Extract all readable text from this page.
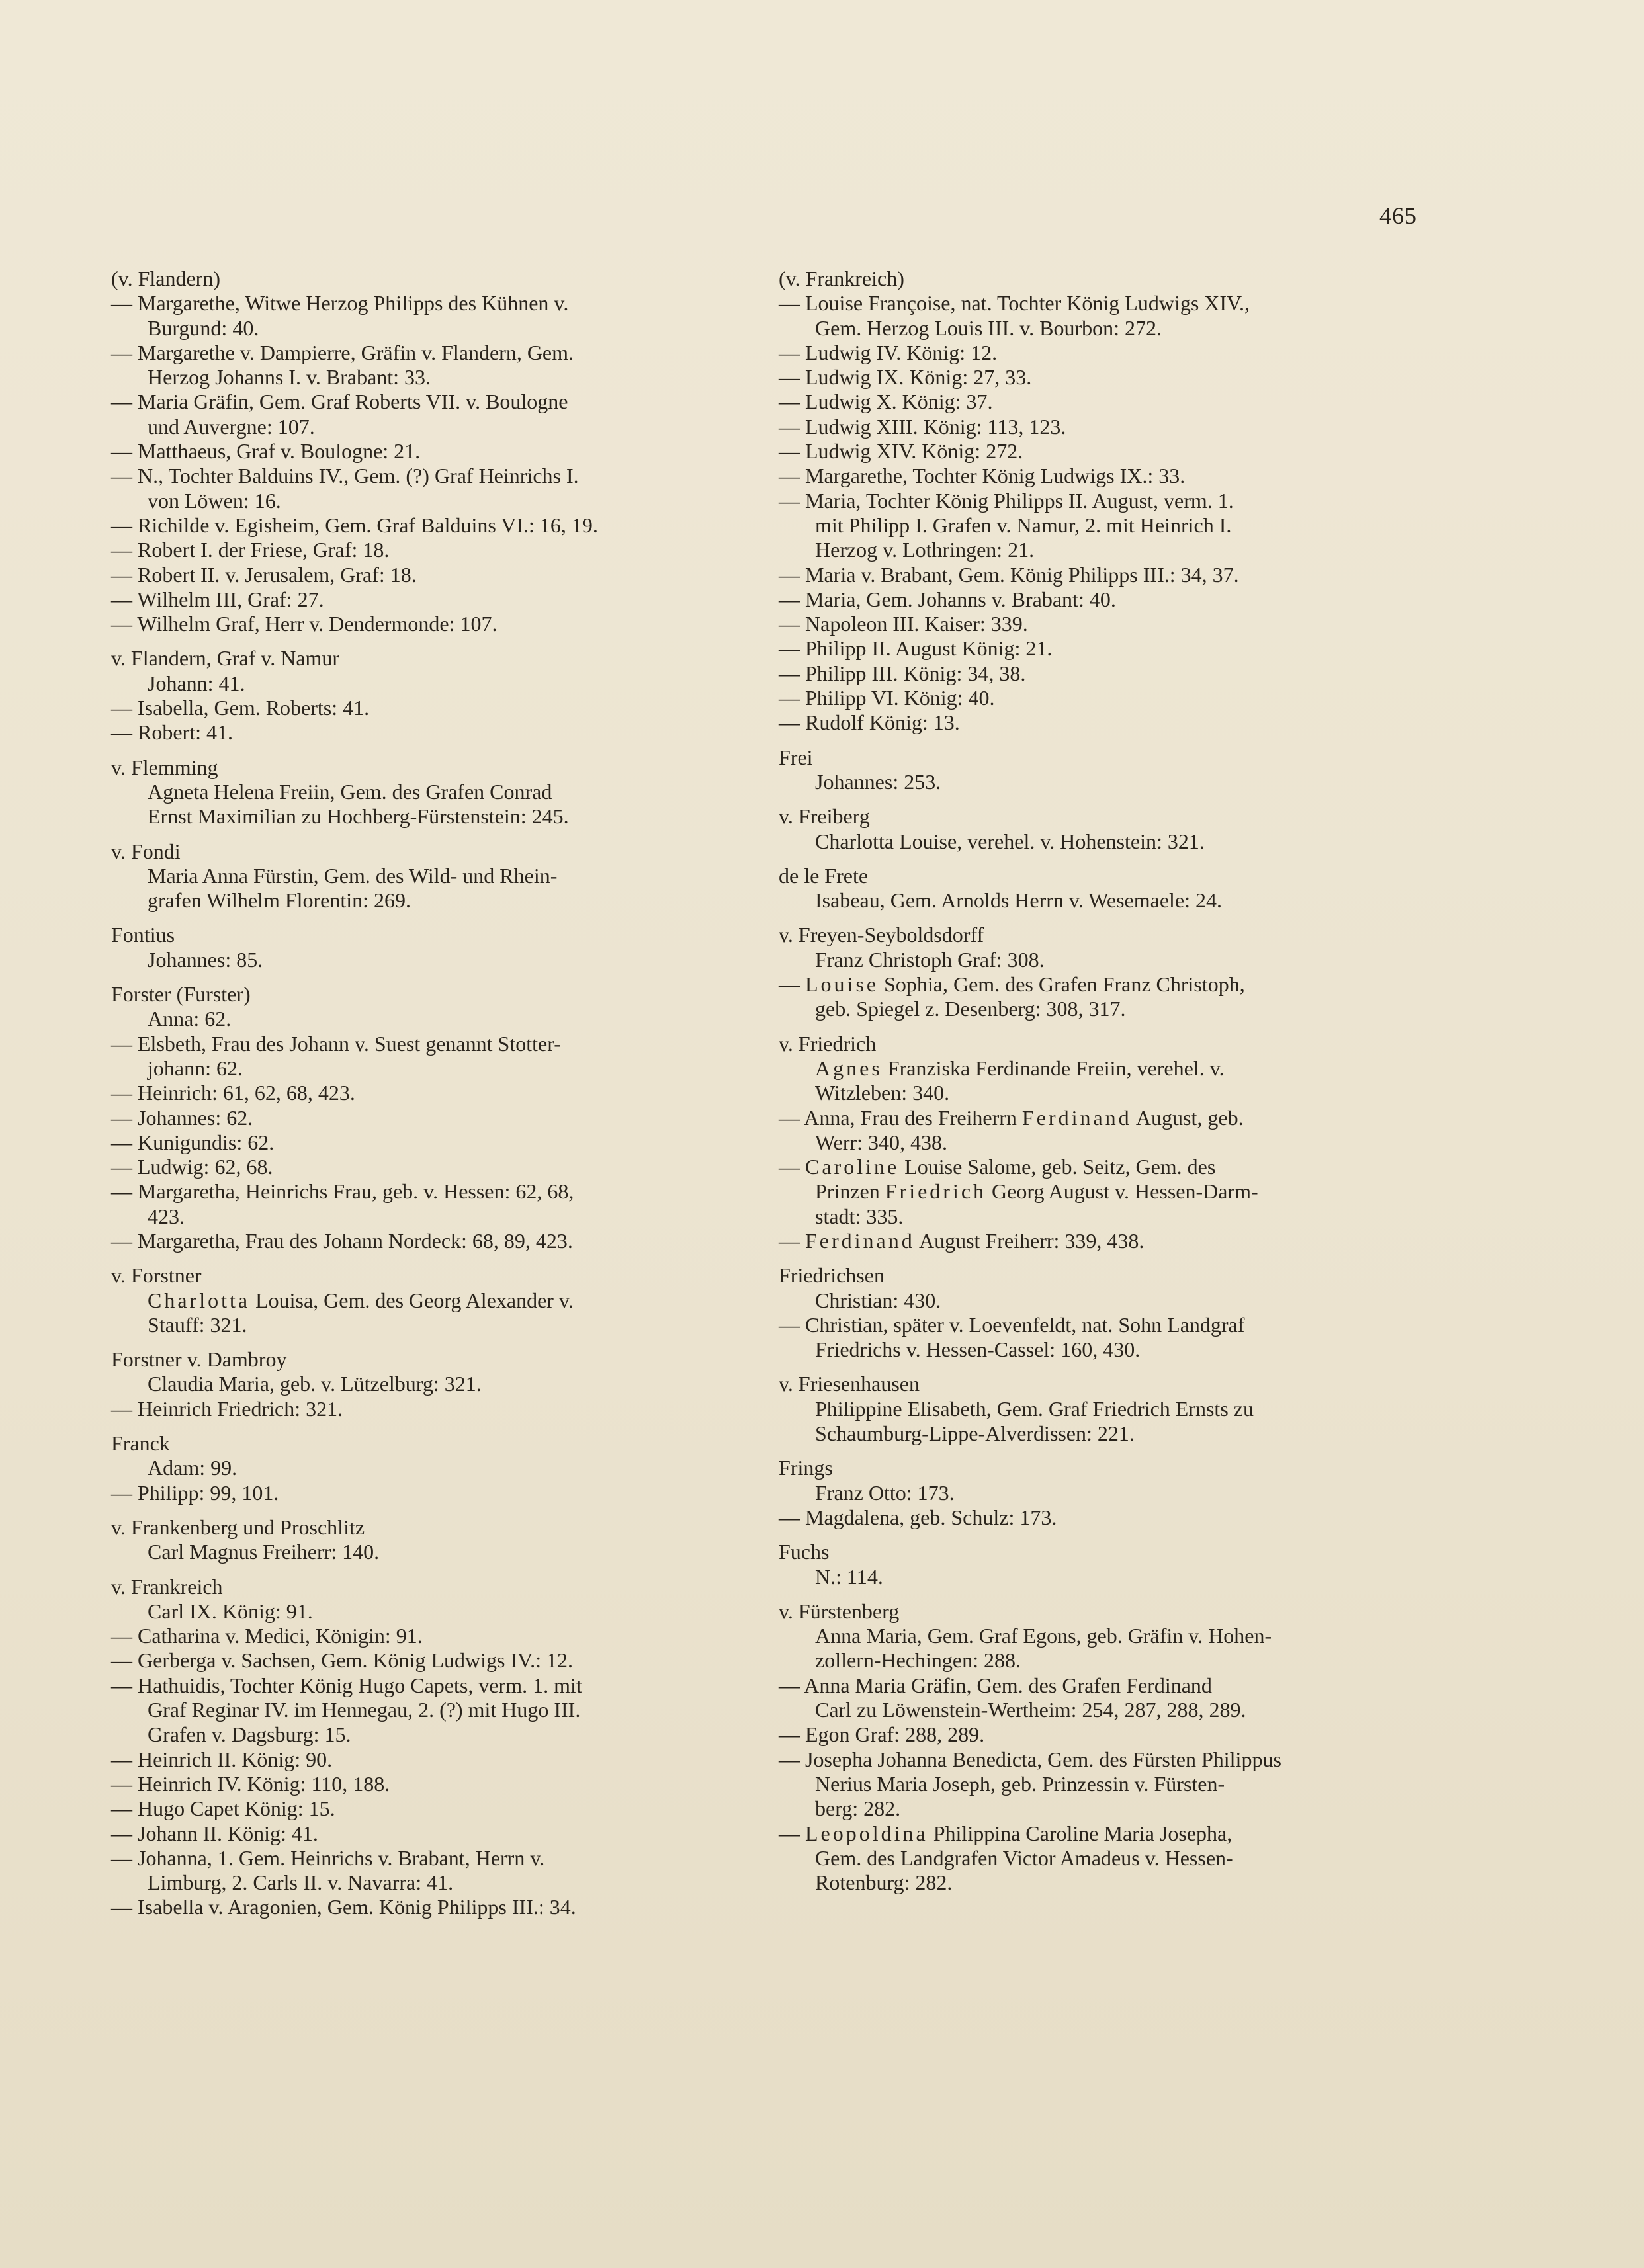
465
(v. Flandern)
— Margarethe, Witwe Herzog Philipps des Kühnen v.
Burgund: 40.
— Margarethe v. Dampierre, Gräfin v. Flandern, Gem.
Herzog Johanns I. v. Brabant: 33.
— Maria Gräfin, Gem. Graf Roberts VII. v. Boulogne
und Auvergne: 107.
— Matthaeus, Graf v. Boulogne: 21.
— N., Tochter Balduins IV., Gem. (?) Graf Heinrichs I.
von Löwen: 16.
— Richilde v. Egisheim, Gem. Graf Balduins VI.: 16, 19.
— Robert I. der Friese, Graf: 18.
— Robert II. v. Jerusalem, Graf: 18.
— Wilhelm III, Graf: 27.
— Wilhelm Graf, Herr v. Dendermonde: 107.
v. Flandern, Graf v. Namur
Johann: 41.
— Isabella, Gem. Roberts: 41.
— Robert: 41.
v. Flemming
Agneta Helena Freiin, Gem. des Grafen Conrad
Ernst Maximilian zu Hochberg-Fürstenstein: 245.
v. Fondi
Maria Anna Fürstin, Gem. des Wild- und Rhein-
grafen Wilhelm Florentin: 269.
Fontius
Johannes: 85.
Forster (Furster)
Anna: 62.
— Elsbeth, Frau des Johann v. Suest genannt Stotter-
johann: 62.
— Heinrich: 61, 62, 68, 423.
— Johannes: 62.
— Kunigundis: 62.
— Ludwig: 62, 68.
— Margaretha, Heinrichs Frau, geb. v. Hessen: 62, 68,
423.
— Margaretha, Frau des Johann Nordeck: 68, 89, 423.
v. Forstner
Charlotta Louisa, Gem. des Georg Alexander v.
Stauff: 321.
Forstner v. Dambroy
Claudia Maria, geb. v. Lützelburg: 321.
— Heinrich Friedrich: 321.
Franck
Adam: 99.
— Philipp: 99, 101.
v. Frankenberg und Proschlitz
Carl Magnus Freiherr: 140.
v. Frankreich
Carl IX. König: 91.
— Catharina v. Medici, Königin: 91.
— Gerberga v. Sachsen, Gem. König Ludwigs IV.: 12.
— Hathuidis, Tochter König Hugo Capets, verm. 1. mit
Graf Reginar IV. im Hennegau, 2. (?) mit Hugo III.
Grafen v. Dagsburg: 15.
— Heinrich II. König: 90.
— Heinrich IV. König: 110, 188.
— Hugo Capet König: 15.
— Johann II. König: 41.
— Johanna, 1. Gem. Heinrichs v. Brabant, Herrn v.
Limburg, 2. Carls II. v. Navarra: 41.
— Isabella v. Aragonien, Gem. König Philipps III.: 34.
(v. Frankreich)
— Louise Françoise, nat. Tochter König Ludwigs XIV.,
Gem. Herzog Louis III. v. Bourbon: 272.
— Ludwig IV. König: 12.
— Ludwig IX. König: 27, 33.
— Ludwig X. König: 37.
— Ludwig XIII. König: 113, 123.
— Ludwig XIV. König: 272.
— Margarethe, Tochter König Ludwigs IX.: 33.
— Maria, Tochter König Philipps II. August, verm. 1.
mit Philipp I. Grafen v. Namur, 2. mit Heinrich I.
Herzog v. Lothringen: 21.
— Maria v. Brabant, Gem. König Philipps III.: 34, 37.
— Maria, Gem. Johanns v. Brabant: 40.
— Napoleon III. Kaiser: 339.
— Philipp II. August König: 21.
— Philipp III. König: 34, 38.
— Philipp VI. König: 40.
— Rudolf König: 13.
Frei
Johannes: 253.
v. Freiberg
Charlotta Louise, verehel. v. Hohenstein: 321.
de le Frete
Isabeau, Gem. Arnolds Herrn v. Wesemaele: 24.
v. Freyen-Seyboldsdorff
Franz Christoph Graf: 308.
— Louise Sophia, Gem. des Grafen Franz Christoph,
geb. Spiegel z. Desenberg: 308, 317.
v. Friedrich
Agnes Franziska Ferdinande Freiin, verehel. v.
Witzleben: 340.
— Anna, Frau des Freiherrn Ferdinand August, geb.
Werr: 340, 438.
— Caroline Louise Salome, geb. Seitz, Gem. des
Prinzen Friedrich Georg August v. Hessen-Darm-
stadt: 335.
— Ferdinand August Freiherr: 339, 438.
Friedrichsen
Christian: 430.
— Christian, später v. Loevenfeldt, nat. Sohn Landgraf
Friedrichs v. Hessen-Cassel: 160, 430.
v. Friesenhausen
Philippine Elisabeth, Gem. Graf Friedrich Ernsts zu
Schaumburg-Lippe-Alverdissen: 221.
Frings
Franz Otto: 173.
— Magdalena, geb. Schulz: 173.
Fuchs
N.: 114.
v. Fürstenberg
Anna Maria, Gem. Graf Egons, geb. Gräfin v. Hohen-
zollern-Hechingen: 288.
— Anna Maria Gräfin, Gem. des Grafen Ferdinand
Carl zu Löwenstein-Wertheim: 254, 287, 288, 289.
— Egon Graf: 288, 289.
— Josepha Johanna Benedicta, Gem. des Fürsten Philippus
Nerius Maria Joseph, geb. Prinzessin v. Fürsten-
berg: 282.
— Leopoldina Philippina Caroline Maria Josepha,
Gem. des Landgrafen Victor Amadeus v. Hessen-
Rotenburg: 282.
